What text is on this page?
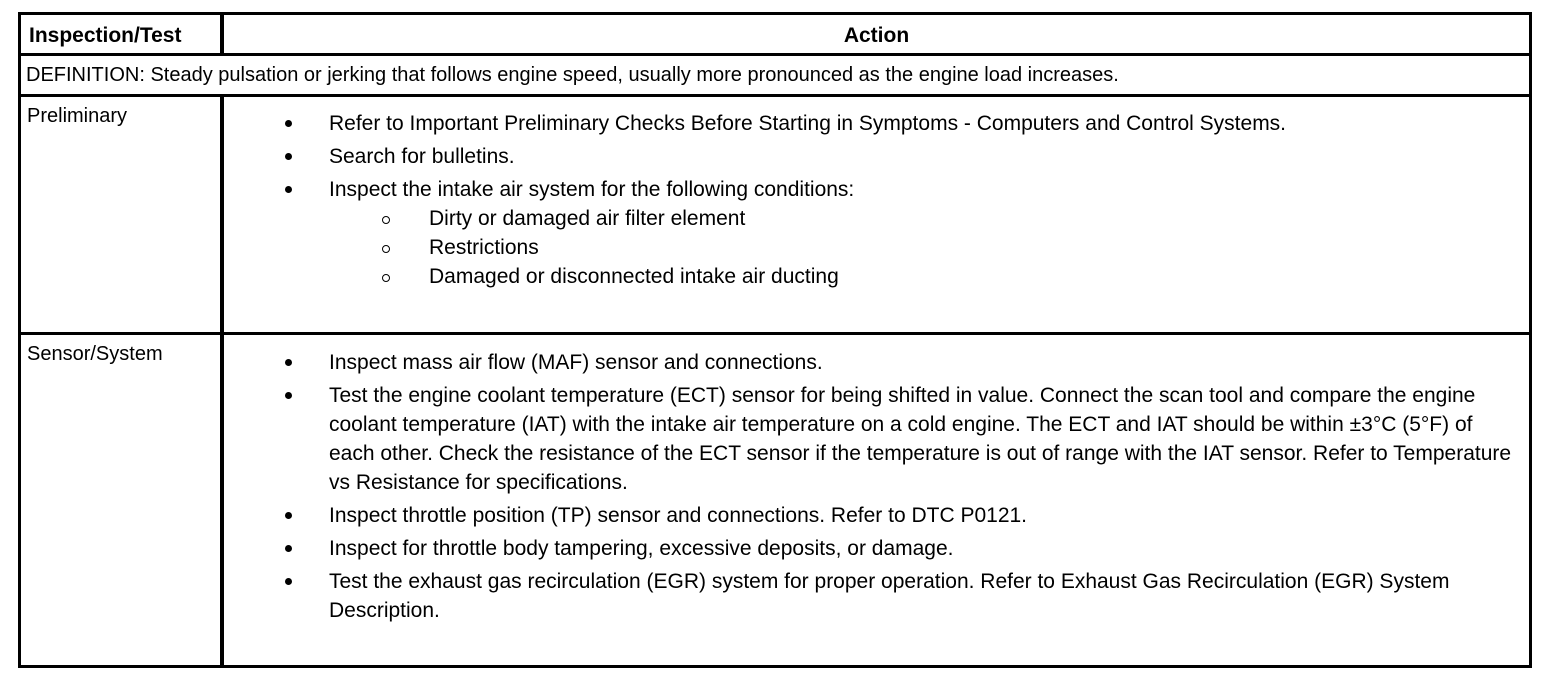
Inspection/Test	Action
DEFINITION: Steady pulsation or jerking that follows engine speed, usually more pronounced as the engine load increases.
Preliminary	Refer to Important Preliminary Checks Before Starting in Symptoms - Computers and Control Systems.
Search for bulletins.
Inspect the intake air system for the following conditions:
Dirty or damaged air filter element
Restrictions
Damaged or disconnected intake air ducting
Sensor/System	Inspect mass air flow (MAF) sensor and connections.
Test the engine coolant temperature (ECT) sensor for being shifted in value. Connect the scan tool and compare the engine coolant temperature (IAT) with the intake air temperature on a cold engine. The ECT and IAT should be within ±3°C (5°F) of each other. Check the resistance of the ECT sensor if the temperature is out of range with the IAT sensor. Refer to Temperature vs Resistance for specifications.
Inspect throttle position (TP) sensor and connections. Refer to DTC P0121.
Inspect for throttle body tampering, excessive deposits, or damage.
Test the exhaust gas recirculation (EGR) system for proper operation. Refer to Exhaust Gas Recirculation (EGR) System Description.
